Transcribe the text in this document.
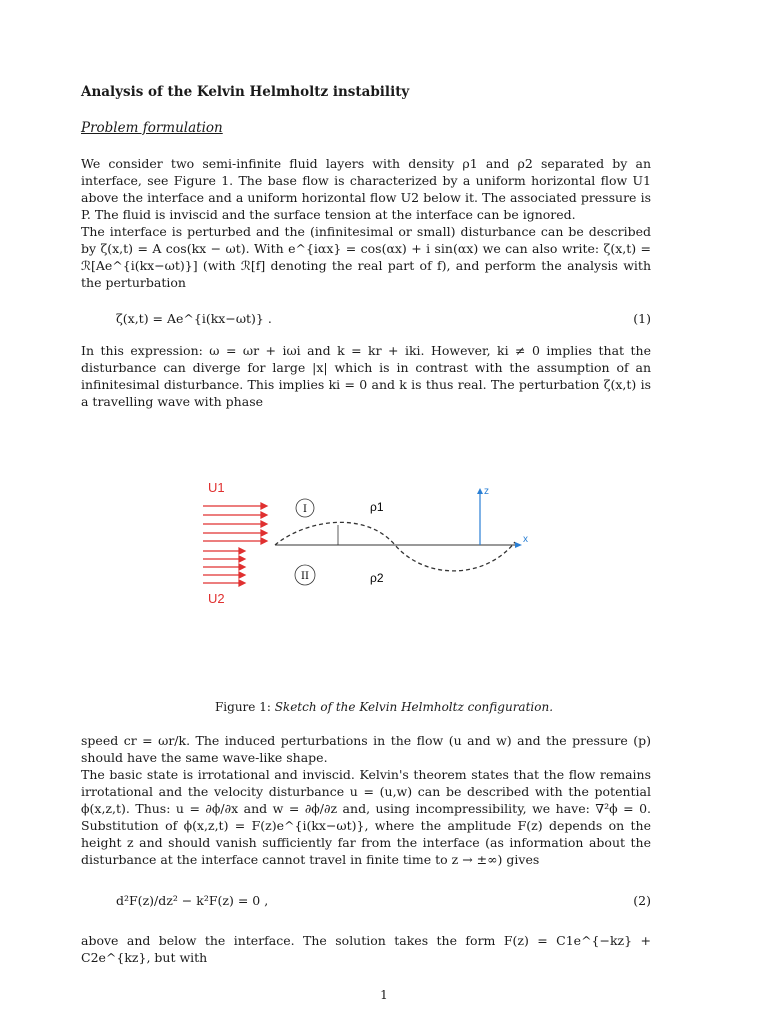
Analysis of the Kelvin Helmholtz instability
Problem formulation

We consider two semi-infinite fluid layers with density ρ1 and ρ2 separated by an interface, see Figure 1. The base flow is characterized by a uniform horizontal flow U1 above the interface and a uniform horizontal flow U2 below it. The associated pressure is P. The fluid is inviscid and the surface tension at the interface can be ignored.

The interface is perturbed and the (infinitesimal or small) disturbance can be described by ζ(x,t) = A cos(kx − ωt). With e^{iαx} = cos(αx) + i sin(αx) we can also write: ζ(x,t) = ℛ[Ae^{i(kx−ωt)}] (with ℛ[f] denoting the real part of f), and perform the analysis with the perturbation

ζ(x,t) = Ae^{i(kx−ωt)} .	(1)
In this expression: ω = ωr + iωi and k = kr + iki. However, ki ≠ 0 implies that the disturbance can diverge for large |x| which is in contrast with the assumption of an infinitesimal disturbance. This implies ki = 0 and k is thus real. The perturbation ζ(x,t) is a travelling wave with phase
U1
U2
I
II
ρ1
ρ2
z
x
Figure 1: Sketch of the Kelvin Helmholtz configuration.

speed cr = ωr/k. The induced perturbations in the flow (u and w) and the pressure (p) should have the same wave-like shape.

The basic state is irrotational and inviscid. Kelvin's theorem states that the flow remains irrotational and the velocity disturbance u = (u,w) can be described with the potential ϕ(x,z,t). Thus: u = ∂ϕ/∂x and w = ∂ϕ/∂z and, using incompressibility, we have: ∇²ϕ = 0. Substitution of ϕ(x,z,t) = F(z)e^{i(kx−ωt)}, where the amplitude F(z) depends on the height z and should vanish sufficiently far from the interface (as information about the disturbance at the interface cannot travel in finite time to z → ±∞) gives

d²F(z)/dz² − k²F(z) = 0 ,	(2)
above and below the interface. The solution takes the form F(z) = C1e^{−kz} + C2e^{kz}, but with
1
